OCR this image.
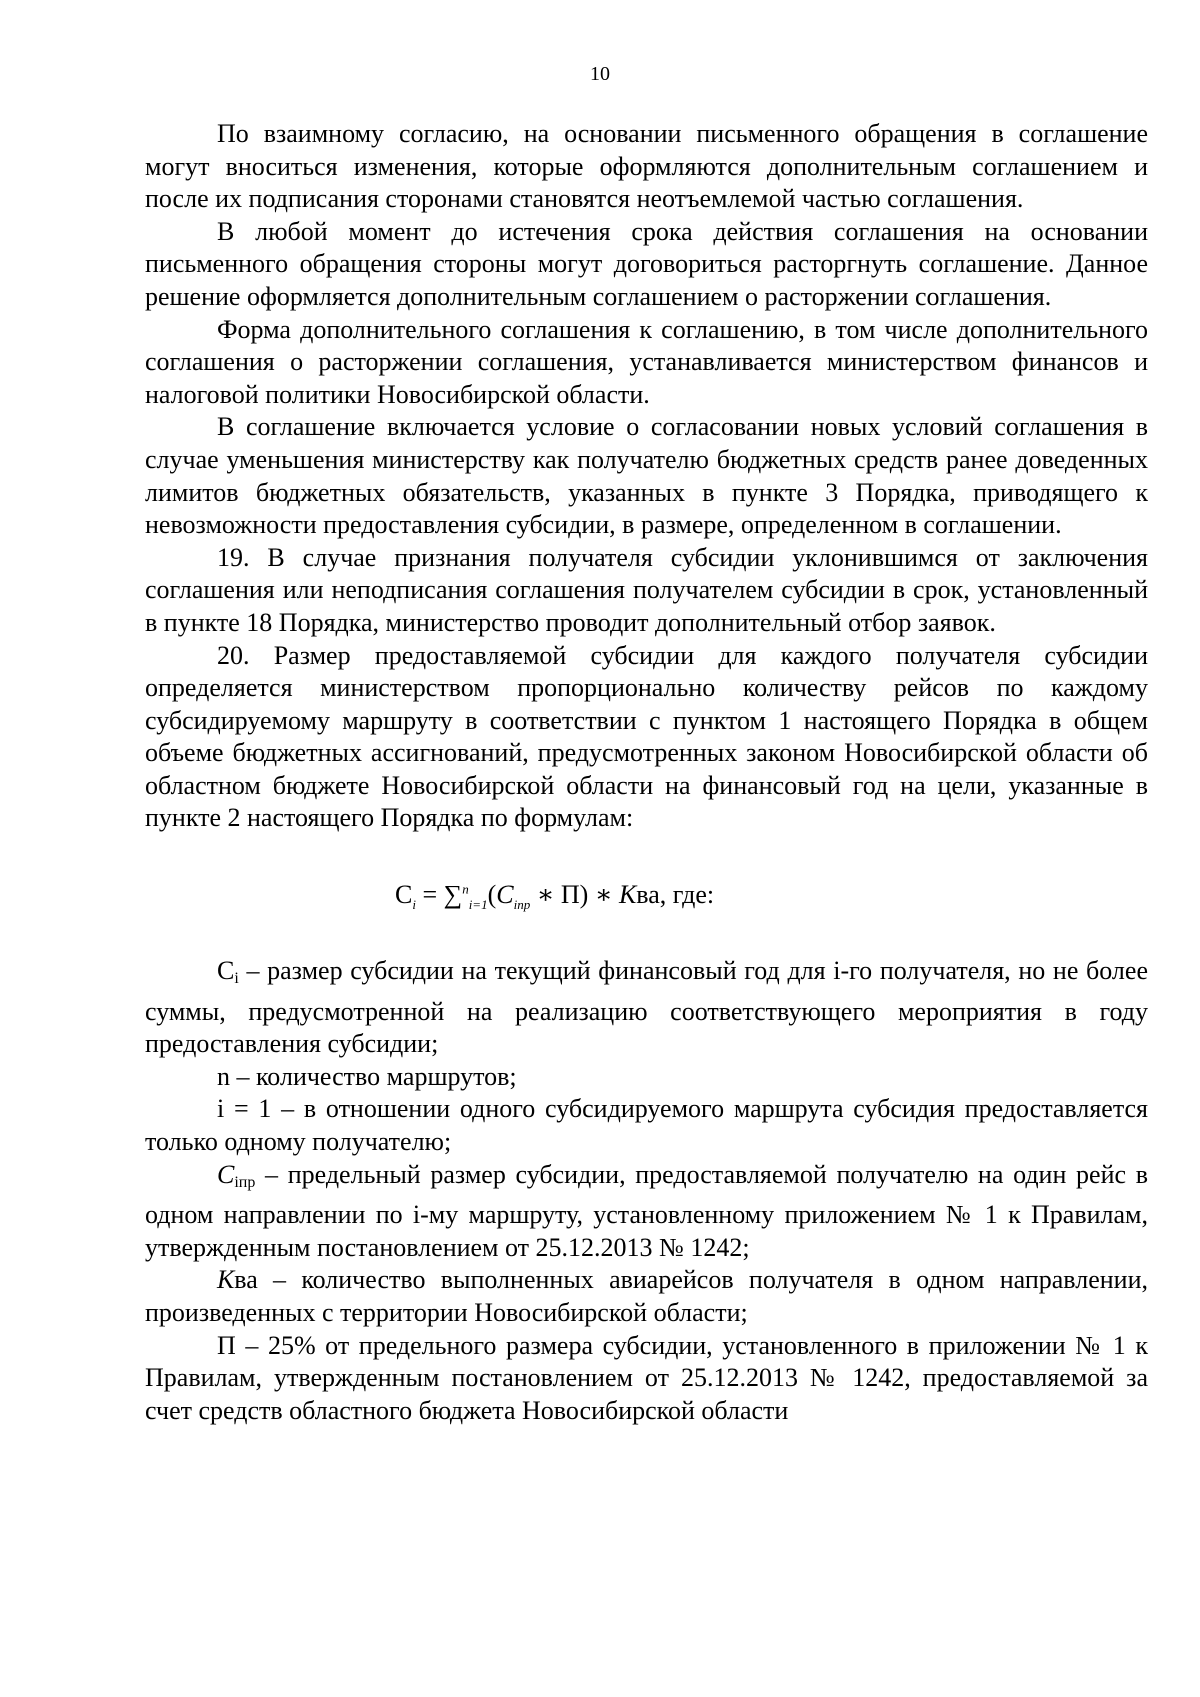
10

По взаимному согласию, на основании письменного обращения в соглашение могут вноситься изменения, которые оформляются дополнительным соглашением и после их подписания сторонами становятся неотъемлемой частью соглашения.

В любой момент до истечения срока действия соглашения на основании письменного обращения стороны могут договориться расторгнуть соглашение. Данное решение оформляется дополнительным соглашением о расторжении соглашения.

Форма дополнительного соглашения к соглашению, в том числе дополнительного соглашения о расторжении соглашения, устанавливается министерством финансов и налоговой политики Новосибирской области.

В соглашение включается условие о согласовании новых условий соглашения в случае уменьшения министерству как получателю бюджетных средств ранее доведенных лимитов бюджетных обязательств, указанных в пункте 3 Порядка, приводящего к невозможности предоставления субсидии, в размере, определенном в соглашении.

19. В случае признания получателя субсидии уклонившимся от заключения соглашения или неподписания соглашения получателем субсидии в срок, установленный в пункте 18 Порядка, министерство проводит дополнительный отбор заявок.

20. Размер предоставляемой субсидии для каждого получателя субсидии определяется министерством пропорционально количеству рейсов по каждому субсидируемому маршруту в соответствии с пунктом 1 настоящего Порядка в общем объеме бюджетных ассигнований, предусмотренных законом Новосибирской области об областном бюджете Новосибирской области на финансовый год на цели, указанные в пункте 2 настоящего Порядка по формулам:

$С_i = \sum^n_{i=1}(C_{iпр}$ ∗ П) ∗ Ква, где:

Сi – размер субсидии на текущий финансовый год для i-го получателя, но не более суммы, предусмотренной на реализацию соответствующего мероприятия в году предоставления субсидии;

n – количество маршрутов;

i = 1 – в отношении одного субсидируемого маршрута субсидия предоставляется только одному получателю;

Сiпр – предельный размер субсидии, предоставляемой получателю на один рейс в одном направлении по i-му маршруту, установленному приложением № 1 к Правилам, утвержденным постановлением от 25.12.2013 № 1242;

Ква – количество выполненных авиарейсов получателя в одном направлении, произведенных с территории Новосибирской области;

П – 25% от предельного размера субсидии, установленного в приложении № 1 к Правилам, утвержденным постановлением от 25.12.2013 № 1242, предоставляемой за счет средств областного бюджета Новосибирской области
